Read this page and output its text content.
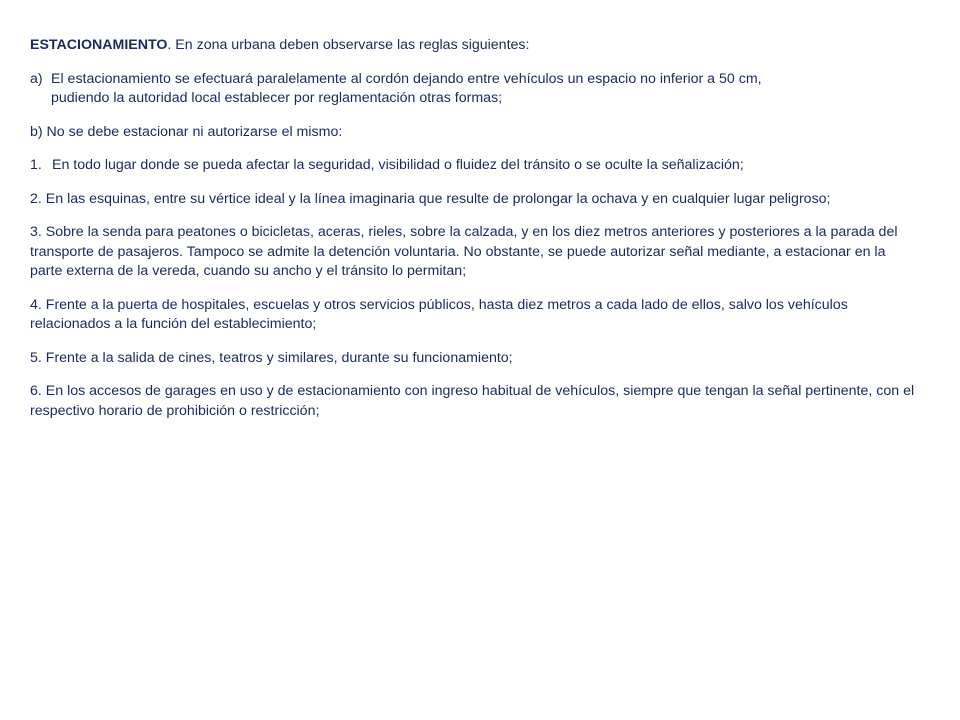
ESTACIONAMIENTO. En zona urbana deben observarse las reglas siguientes:

a) El estacionamiento se efectuará paralelamente al cordón dejando entre vehículos un espacio no inferior a 50 cm,
pudiendo la autoridad local establecer por reglamentación otras formas;

b) No se debe estacionar ni autorizarse el mismo:

1. En todo lugar donde se pueda afectar la seguridad, visibilidad o fluidez del tránsito o se oculte la señalización;

2. En las esquinas, entre su vértice ideal y la línea imaginaria que resulte de prolongar la ochava y en cualquier lugar peligroso;

3. Sobre la senda para peatones o bicicletas, aceras, rieles, sobre la calzada, y en los diez metros anteriores y posteriores a la parada del transporte de pasajeros. Tampoco se admite la detención voluntaria. No obstante, se puede autorizar señal mediante, a estacionar en la parte externa de la vereda, cuando su ancho y el tránsito lo permitan;

4. Frente a la puerta de hospitales, escuelas y otros servicios públicos, hasta diez metros a cada lado de ellos, salvo los vehículos relacionados a la función del establecimiento;

5. Frente a la salida de cines, teatros y similares, durante su funcionamiento;

6. En los accesos de garages en uso y de estacionamiento con ingreso habitual de vehículos, siempre que tengan la señal pertinente, con el respectivo horario de prohibición o restricción;
